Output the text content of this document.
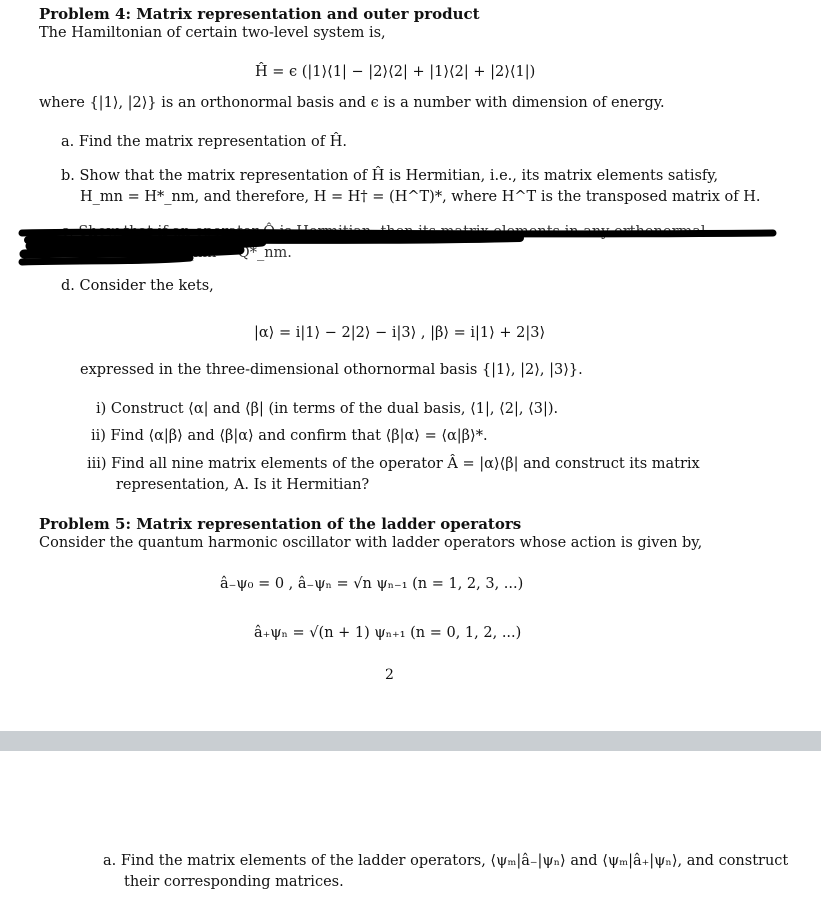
Problem 4: Matrix representation and outer product
The Hamiltonian of certain two-level system is,
Ĥ = ϵ (|1⟩⟨1| − |2⟩⟨2| + |1⟩⟨2| + |2⟩⟨1|)
where {|1⟩, |2⟩} is an orthonormal basis and ϵ is a number with dimension of energy.
a. Find the matrix representation of Ĥ.
b. Show that the matrix representation of Ĥ is Hermitian, i.e., its matrix elements satisfy,
H_mn = H*_nm, and therefore, H = H† = (H^T)*, where H^T is the transposed matrix of H.
c. Show that if an operator Q̂ is Hermitian, then its matrix elements in any orthonormal
basis satisfy Q_mn = Q*_nm.
d. Consider the kets,
|α⟩ = i|1⟩ − 2|2⟩ − i|3⟩ , |β⟩ = i|1⟩ + 2|3⟩
expressed in the three-dimensional othornormal basis {|1⟩, |2⟩, |3⟩}.
i) Construct ⟨α| and ⟨β| (in terms of the dual basis, ⟨1|, ⟨2|, ⟨3|).
ii) Find ⟨α|β⟩ and ⟨β|α⟩ and confirm that ⟨β|α⟩ = ⟨α|β⟩*.
iii) Find all nine matrix elements of the operator Â = |α⟩⟨β| and construct its matrix
representation, A. Is it Hermitian?
Problem 5: Matrix representation of the ladder operators
Consider the quantum harmonic oscillator with ladder operators whose action is given by,
â₋ψ₀ = 0 , â₋ψₙ = √n ψₙ₋₁ (n = 1, 2, 3, ...)
â₊ψₙ = √(n + 1) ψₙ₊₁ (n = 0, 1, 2, ...)
2
a. Find the matrix elements of the ladder operators, ⟨ψₘ|â₋|ψₙ⟩ and ⟨ψₘ|â₊|ψₙ⟩, and construct
their corresponding matrices.
